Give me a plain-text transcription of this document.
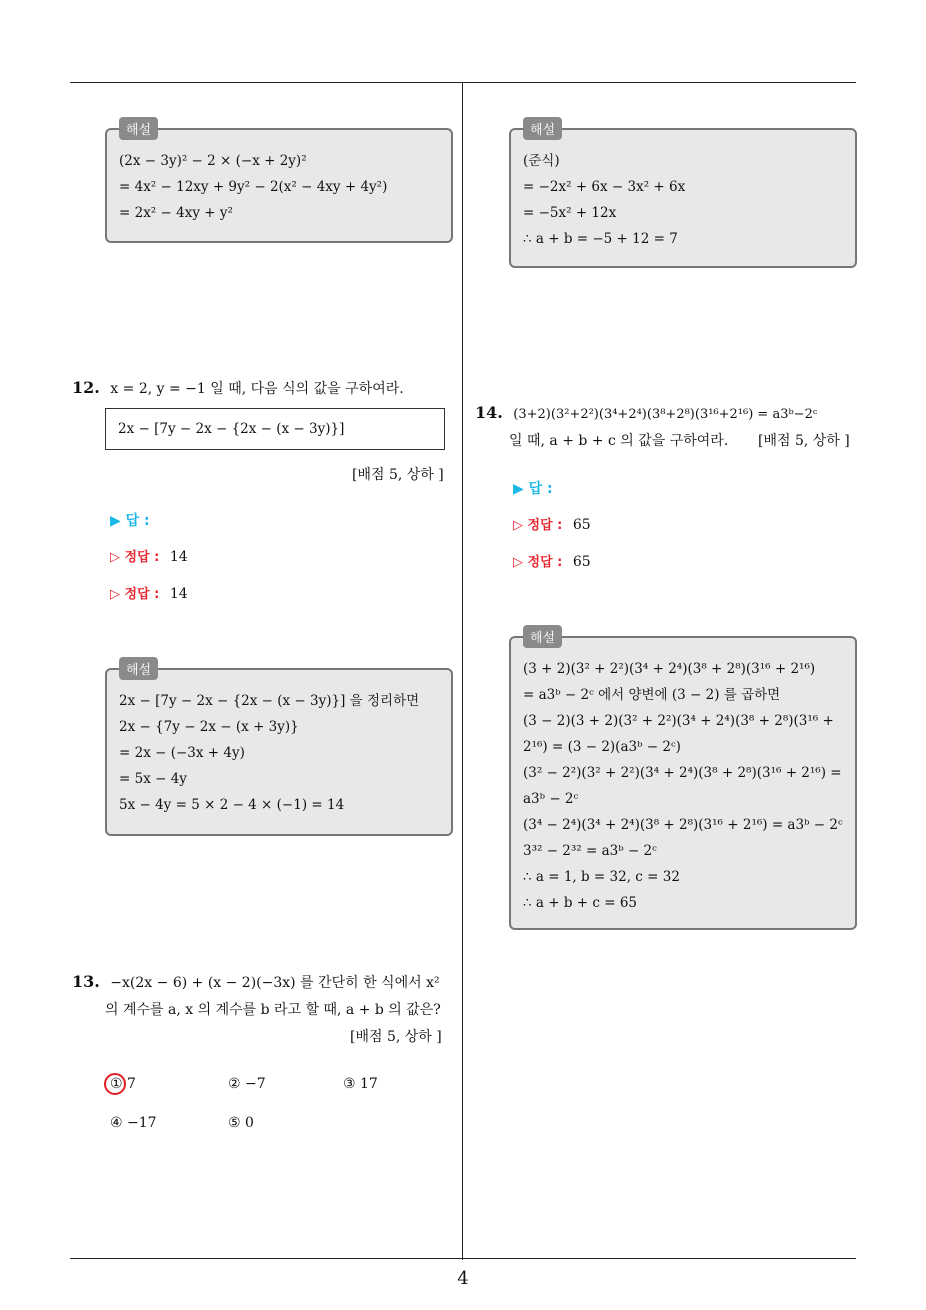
4
해설
(2x − 3y)² − 2 × (−x + 2y)²
= 4x² − 12xy + 9y² − 2(x² − 4xy + 4y²)
= 2x² − 4xy + y²
12. x = 2, y = −1 일 때, 다음 식의 값을 구하여라.
2x − [7y − 2x − {2x − (x − 3y)}]
[배점 5, 상하 ]
▶ 답 :
▷ 정답 : 14
▷ 정답 : 14
해설
2x − [7y − 2x − {2x − (x − 3y)}] 을 정리하면
2x − {7y − 2x − (x + 3y)}
= 2x − (−3x + 4y)
= 5x − 4y
5x − 4y = 5 × 2 − 4 × (−1) = 14
13. −x(2x − 6) + (x − 2)(−3x) 를 간단히 한 식에서 x²
의 계수를 a, x 의 계수를 b 라고 할 때, a + b 의 값은?
[배점 5, 상하 ]
① 7	② −7	③ 17
④ −17	⑤ 0
해설
(준식)
= −2x² + 6x − 3x² + 6x
= −5x² + 12x
∴ a + b = −5 + 12 = 7
14. (3+2)(3²+2²)(3⁴+2⁴)(3⁸+2⁸)(3¹⁶+2¹⁶) = a3ᵇ−2ᶜ
일 때, a + b + c 의 값을 구하여라. [배점 5, 상하 ]
▶ 답 :
▷ 정답 : 65
▷ 정답 : 65
해설
(3 + 2)(3² + 2²)(3⁴ + 2⁴)(3⁸ + 2⁸)(3¹⁶ + 2¹⁶)
= a3ᵇ − 2ᶜ 에서 양변에 (3 − 2) 를 곱하면
(3 − 2)(3 + 2)(3² + 2²)(3⁴ + 2⁴)(3⁸ + 2⁸)(3¹⁶ +
2¹⁶) = (3 − 2)(a3ᵇ − 2ᶜ)
(3² − 2²)(3² + 2²)(3⁴ + 2⁴)(3⁸ + 2⁸)(3¹⁶ + 2¹⁶) =
a3ᵇ − 2ᶜ
(3⁴ − 2⁴)(3⁴ + 2⁴)(3⁸ + 2⁸)(3¹⁶ + 2¹⁶) = a3ᵇ − 2ᶜ
3³² − 2³² = a3ᵇ − 2ᶜ
∴ a = 1, b = 32, c = 32
∴ a + b + c = 65
